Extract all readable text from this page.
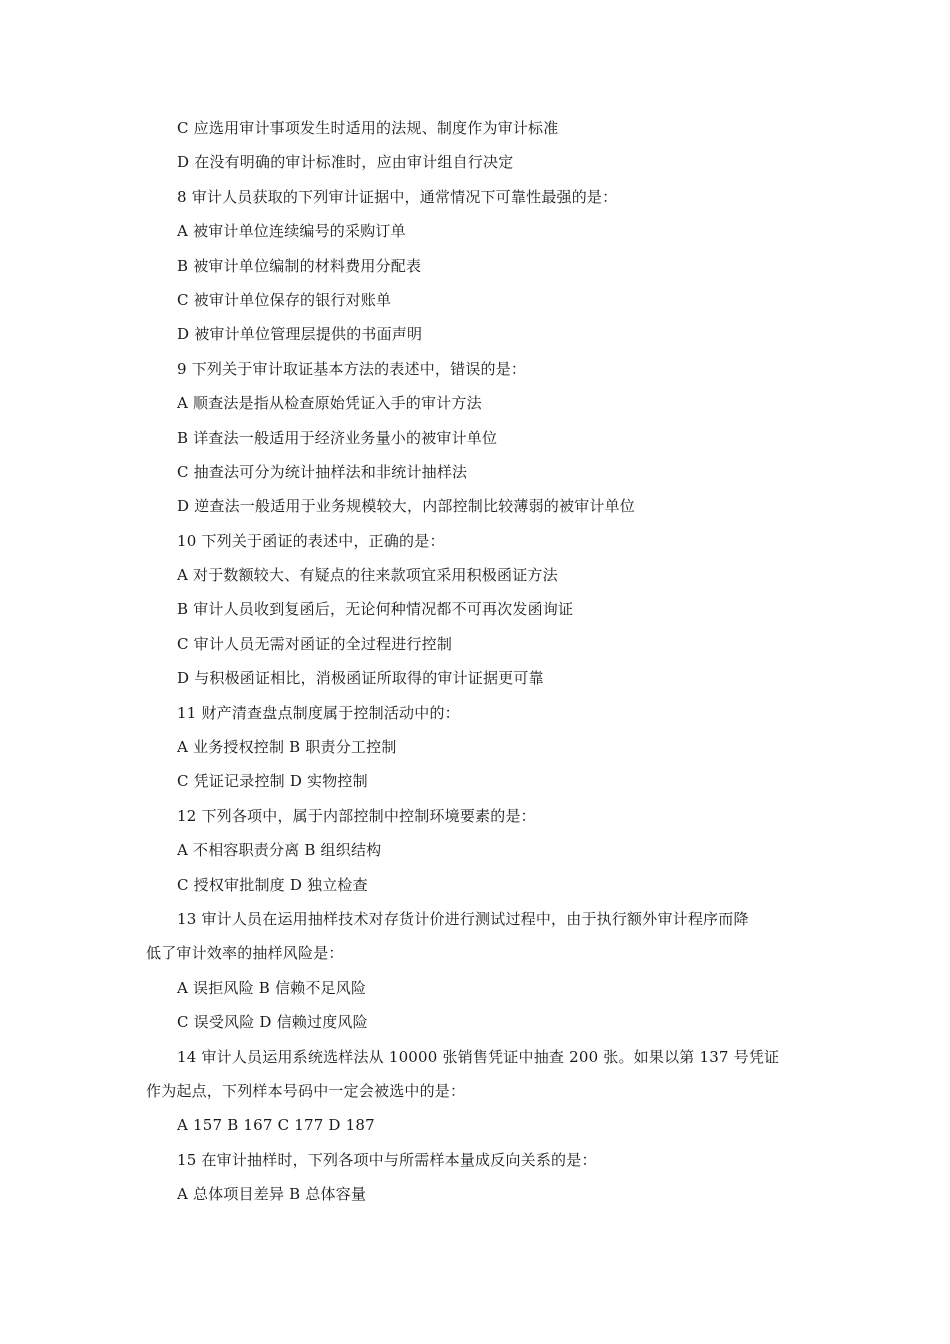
C 应选用审计事项发生时适用的法规、制度作为审计标准
D 在没有明确的审计标准时，应由审计组自行决定
8 审计人员获取的下列审计证据中，通常情况下可靠性最强的是：
A 被审计单位连续编号的采购订单
B 被审计单位编制的材料费用分配表
C 被审计单位保存的银行对账单
D 被审计单位管理层提供的书面声明
9 下列关于审计取证基本方法的表述中，错误的是：
A 顺查法是指从检查原始凭证入手的审计方法
B 详查法一般适用于经济业务量小的被审计单位
C 抽查法可分为统计抽样法和非统计抽样法
D 逆查法一般适用于业务规模较大，内部控制比较薄弱的被审计单位
10 下列关于函证的表述中，正确的是：
A 对于数额较大、有疑点的往来款项宜采用积极函证方法
B 审计人员收到复函后，无论何种情况都不可再次发函询证
C 审计人员无需对函证的全过程进行控制
D 与积极函证相比，消极函证所取得的审计证据更可靠
11 财产清查盘点制度属于控制活动中的：
A 业务授权控制 B 职责分工控制
C 凭证记录控制 D 实物控制
12 下列各项中，属于内部控制中控制环境要素的是：
A 不相容职责分离 B 组织结构
C 授权审批制度 D 独立检查
13 审计人员在运用抽样技术对存货计价进行测试过程中，由于执行额外审计程序而降
低了审计效率的抽样风险是：
A 误拒风险 B 信赖不足风险
C 误受风险 D 信赖过度风险
14 审计人员运用系统选样法从 10000 张销售凭证中抽查 200 张。如果以第 137 号凭证
作为起点，下列样本号码中一定会被选中的是：
A 157 B 167 C 177 D 187
15 在审计抽样时，下列各项中与所需样本量成反向关系的是：
A 总体项目差异 B 总体容量
